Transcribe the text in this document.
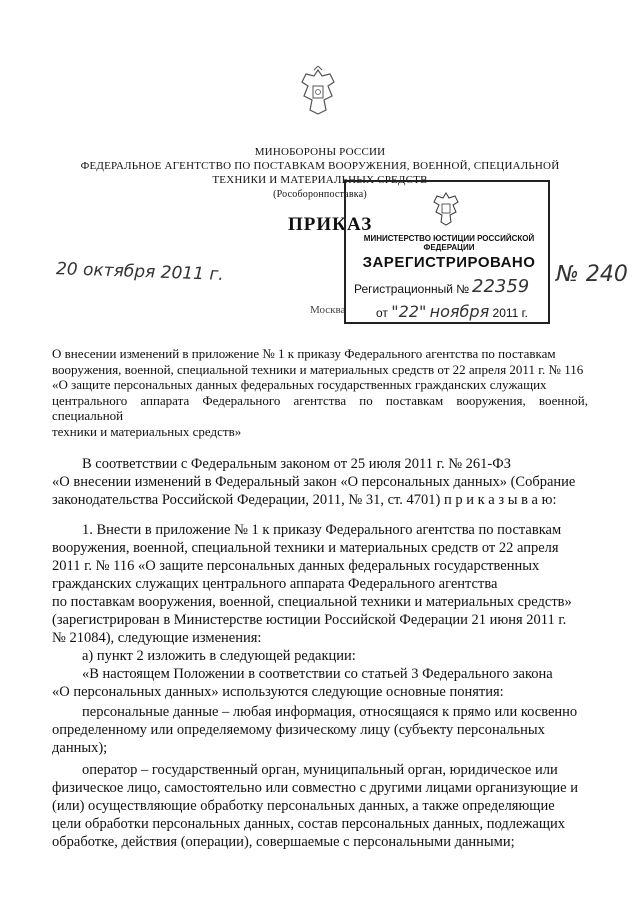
МИНОБОРОНЫ РОССИИ
ФЕДЕРАЛЬНОЕ АГЕНТСТВО ПО ПОСТАВКАМ ВООРУЖЕНИЯ, ВОЕННОЙ, СПЕЦИАЛЬНОЙ
ТЕХНИКИ И МАТЕРИАЛЬНЫХ СРЕДСТВ
(Рособоронпоставка)
ПРИКАЗ
20 октября 2011 г.	№ 240
Москва
МИНИСТЕРСТВО ЮСТИЦИИ РОССИЙСКОЙ ФЕДЕРАЦИИ
ЗАРЕГИСТРИРОВАНО
Регистрационный № 22359
от "22" ноября 2011 г.
О внесении изменений в приложение № 1 к приказу Федерального агентства по поставкам
вооружения, военной, специальной техники и материальных средств от 22 апреля 2011 г. № 116
«О защите персональных данных федеральных государственных гражданских служащих
центрального аппарата Федерального агентства по поставкам вооружения, военной, специальной
техники и материальных средств»
В соответствии с Федеральным законом от 25 июля 2011 г. № 261-ФЗ
«О внесении изменений в Федеральный закон «О персональных данных» (Собрание
законодательства Российской Федерации, 2011, № 31, ст. 4701) п р и к а з ы в а ю:
1. Внести в приложение № 1 к приказу Федерального агентства по поставкам
вооружения, военной, специальной техники и материальных средств от 22 апреля
2011 г. № 116 «О защите персональных данных федеральных государственных
гражданских служащих центрального аппарата Федерального агентства
по поставкам вооружения, военной, специальной техники и материальных средств»
(зарегистрирован в Министерстве юстиции Российской Федерации 21 июня 2011 г.
№ 21084), следующие изменения:
а) пункт 2 изложить в следующей редакции:
«В настоящем Положении в соответствии со статьей 3 Федерального закона
«О персональных данных» используются следующие основные понятия:
персональные данные – любая информация, относящаяся к прямо или косвенно
определенному или определяемому физическому лицу (субъекту персональных
данных);
оператор – государственный орган, муниципальный орган, юридическое или
физическое лицо, самостоятельно или совместно с другими лицами организующие и
(или) осуществляющие обработку персональных данных, а также определяющие
цели обработки персональных данных, состав персональных данных, подлежащих
обработке, действия (операции), совершаемые с персональными данными;
